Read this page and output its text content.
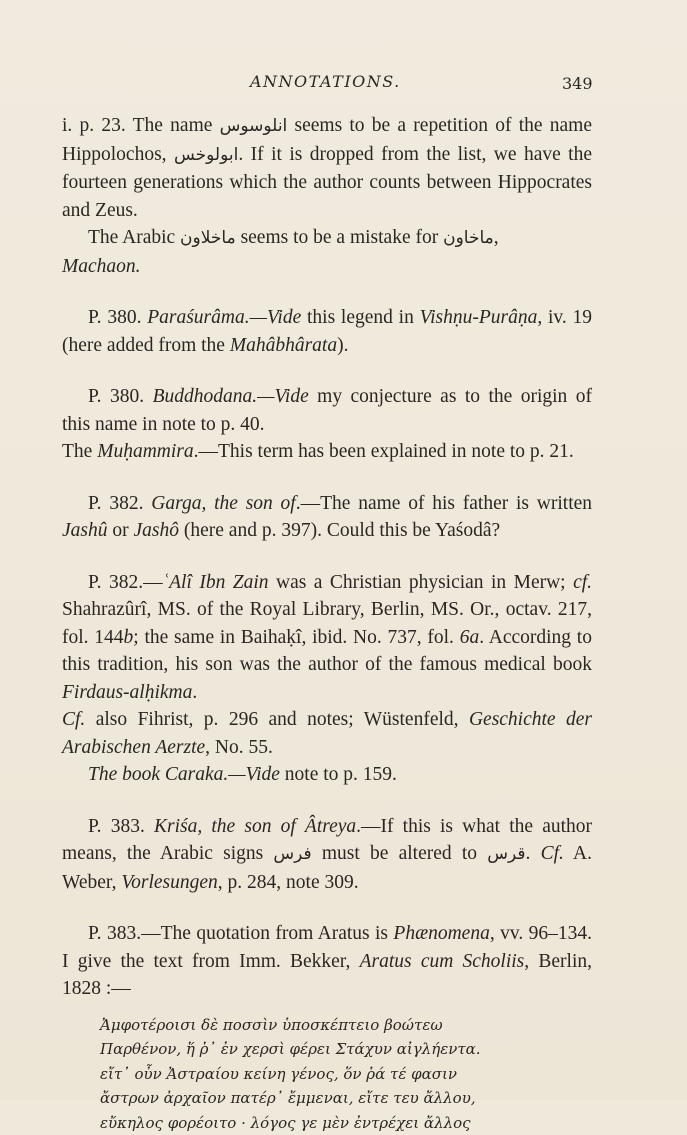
ANNOTATIONS.	349

i. p. 23. The name انلوسوس seems to be a repetition of the name Hippolochos, ابولوخس. If it is dropped from the list, we have the fourteen generations which the author counts between Hippocrates and Zeus.

The Arabic ماخلاون seems to be a mistake for ماخاون,
Machaon.

P. 380. Paraśurâma.—Vide this legend in Vishṇu-Purâṇa, iv. 19 (here added from the Mahâbhârata).

P. 380. Buddhodana.—Vide my conjecture as to the origin of this name in note to p. 40.

The Muḥammira.—This term has been explained in note to p. 21.

P. 382. Garga, the son of.—The name of his father is written Jashû or Jashô (here and p. 397). Could this be Yaśodâ?

P. 382.—ʿAlî Ibn Zain was a Christian physician in Merw; cf. Shahrazûrî, MS. of the Royal Library, Berlin, MS. Or., octav. 217, fol. 144b; the same in Baihaḳî, ibid. No. 737, fol. 6a. According to this tradition, his son was the author of the famous medical book Firdaus-alḥikma.
Cf. also Fihrist, p. 296 and notes; Wüstenfeld, Geschichte der Arabischen Aerzte, No. 55.

The book Caraka.—Vide note to p. 159.

P. 383. Kriśa, the son of Âtreya.—If this is what the author means, the Arabic signs فرس must be altered to قرس. Cf. A. Weber, Vorlesungen, p. 284, note 309.

P. 383.—The quotation from Aratus is Phænomena, vv. 96–134. I give the text from Imm. Bekker, Aratus cum Scholiis, Berlin, 1828 :—

Ἀμφοτέροισι δὲ ποσσὶν ὑποσκέπτειο βοώτεω
Παρθένον, ἥ ῥ᾽ ἐν χερσὶ φέρει Στάχυν αἰγλήεντα.
εἴτ᾽ οὖν Ἀστραίου κείνη γένος, ὅν ῥά τέ φασιν
ἄστρων ἀρχαῖον πατέρ᾽ ἔμμεναι, εἴτε τευ ἄλλου,
εὔκηλος φορέοιτο · λόγος γε μὲν ἐντρέχει ἄλλος
